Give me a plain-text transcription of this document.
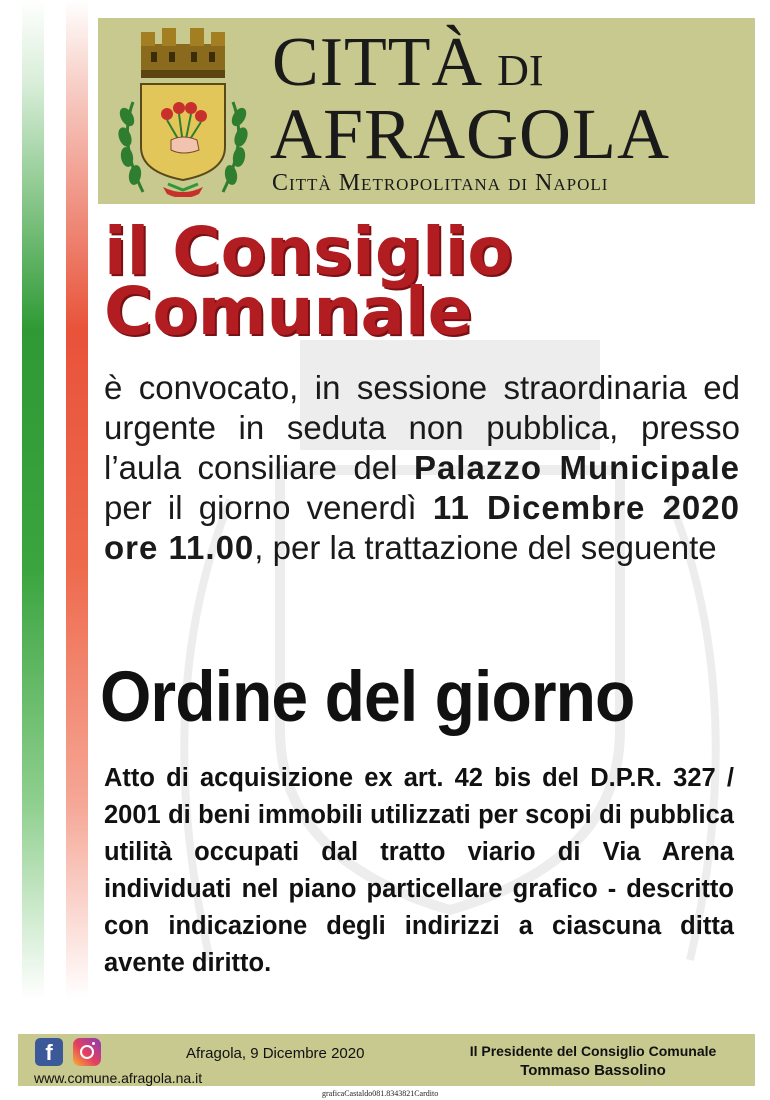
CITTÀ DI
AFRAGOLA
Città Metropolitana di Napoli
il Consiglio Comunale
è convocato, in sessione straordinaria ed urgente in seduta non pubblica, presso l’aula consiliare del Palazzo Municipale per il giorno venerdì 11 Dicembre 2020 ore 11.00, per la trattazione del seguente
Ordine del giorno
Atto di acquisizione ex art. 42 bis del D.P.R. 327 / 2001 di beni immobili utilizzati per scopi di pubblica utilità occupati dal tratto viario di Via Arena individuati nel piano particellare grafico - descritto con indicazione degli indirizzi a ciascuna ditta avente diritto.
f
www.comune.afragola.na.it
Afragola, 9 Dicembre 2020	Il Presidente del Consiglio Comunale
Tommaso Bassolino
graficaCastaldo081.8343821Cardito
